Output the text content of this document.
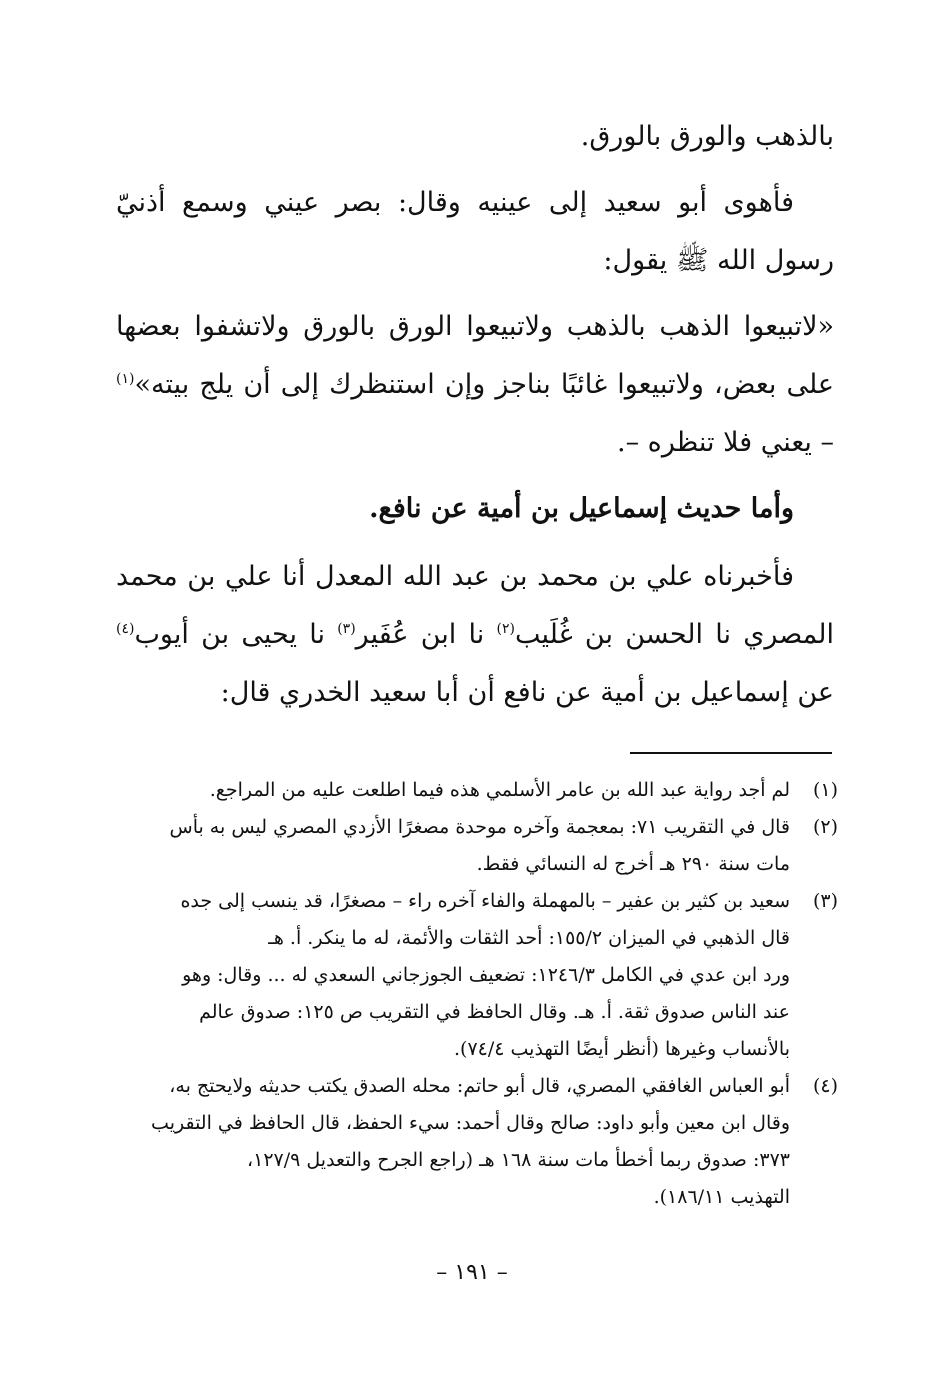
بالذهب والورق بالورق.

فأهوى أبو سعيد إلى عينيه وقال: بصر عيني وسمع أذنيّ رسول الله ﷺ يقول:

«لاتبيعوا الذهب بالذهب ولاتبيعوا الورق بالورق ولاتشفوا بعضها على بعض، ولاتبيعوا غائبًا بناجز وإن استنظرك إلى أن يلج بيته»$^{(١)}$ – يعني فلا تنظره –.

وأما حديث إسماعيل بن أمية عن نافع.

فأخبرناه علي بن محمد بن عبد الله المعدل أنا علي بن محمد المصري نا الحسن بن غُلَيب$^{(٢)}$ نا ابن عُفَير$^{(٣)}$ نا يحيى بن أيوب$^{(٤)}$ عن إسماعيل بن أمية عن نافع أن أبا سعيد الخدري قال:

(١)
لم أجد رواية عبد الله بن عامر الأسلمي هذه فيما اطلعت عليه من المراجع.
(٢)
قال في التقريب ٧١: بمعجمة وآخره موحدة مصغرًا الأزدي المصري ليس به بأس
مات سنة ٢٩٠ هـ أخرج له النسائي فقط.
(٣)
سعيد بن كثير بن عفير – بالمهملة والفاء آخره راء – مصغرًا، قد ينسب إلى جده
قال الذهبي في الميزان ١٥٥/٢: أحد الثقات والأئمة، له ما ينكر. أ. هـ
ورد ابن عدي في الكامل ١٢٤٦/٣: تضعيف الجوزجاني السعدي له ... وقال: وهو
عند الناس صدوق ثقة. أ. هـ. وقال الحافظ في التقريب ص ١٢٥: صدوق عالم
بالأنساب وغيرها (أنظر أيضًا التهذيب ٧٤/٤).
(٤)
أبو العباس الغافقي المصري، قال أبو حاتم: محله الصدق يكتب حديثه ولايحتج به،
وقال ابن معين وأبو داود: صالح وقال أحمد: سيء الحفظ، قال الحافظ في التقريب
٣٧٣: صدوق ربما أخطأ مات سنة ١٦٨ هـ (راجع الجرح والتعديل ١٢٧/٩،
التهذيب ١٨٦/١١).
– ١٩١ –
